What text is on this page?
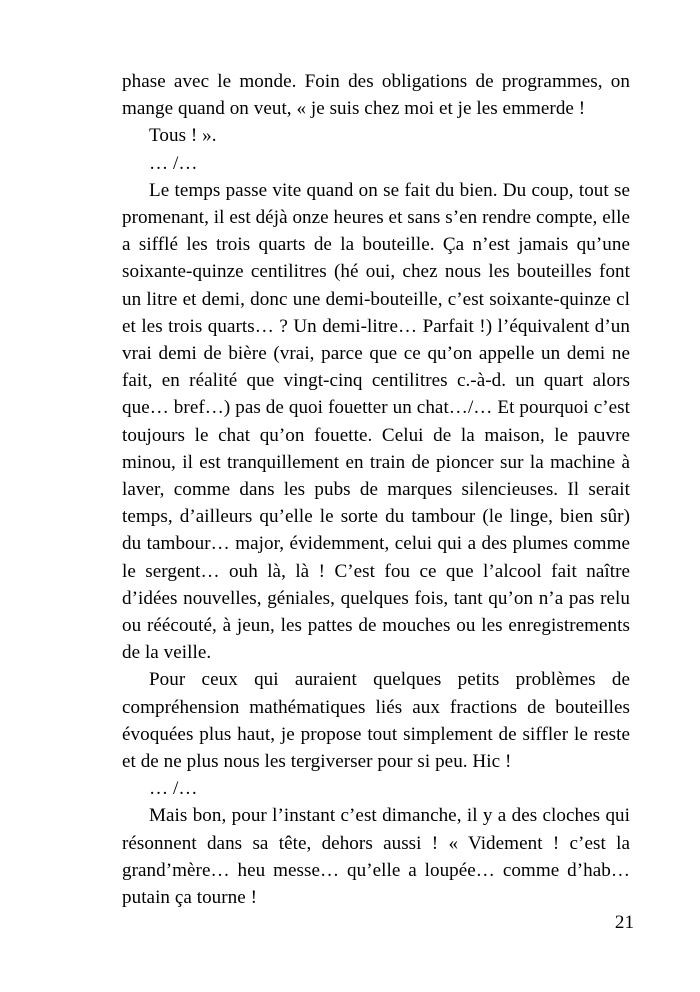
phase avec le monde. Foin des obligations de programmes, on mange quand on veut, « je suis chez moi et je les emmerde !

Tous ! ».

… /…

Le temps passe vite quand on se fait du bien. Du coup, tout se promenant, il est déjà onze heures et sans s’en rendre compte, elle a sifflé les trois quarts de la bouteille. Ça n’est jamais qu’une soixante-quinze centilitres (hé oui, chez nous les bouteilles font un litre et demi, donc une demi-bouteille, c’est soixante-quinze cl et les trois quarts… ? Un demi-litre… Parfait !) l’équivalent d’un vrai demi de bière (vrai, parce que ce qu’on appelle un demi ne fait, en réalité que vingt-cinq centilitres c.-à-d. un quart alors que… bref…) pas de quoi fouetter un chat…/… Et pourquoi c’est toujours le chat qu’on fouette. Celui de la maison, le pauvre minou, il est tranquillement en train de pioncer sur la machine à laver, comme dans les pubs de marques silencieuses. Il serait temps, d’ailleurs qu’elle le sorte du tambour (le linge, bien sûr) du tambour… major, évidemment, celui qui a des plumes comme le sergent… ouh là, là ! C’est fou ce que l’alcool fait naître d’idées nouvelles, géniales, quelques fois, tant qu’on n’a pas relu ou réécouté, à jeun, les pattes de mouches ou les enregistrements de la veille.

Pour ceux qui auraient quelques petits problèmes de compréhension mathématiques liés aux fractions de bouteilles évoquées plus haut, je propose tout simplement de siffler le reste et de ne plus nous les tergiverser pour si peu. Hic !

… /…

Mais bon, pour l’instant c’est dimanche, il y a des cloches qui résonnent dans sa tête, dehors aussi ! « Videment ! c’est la grand’mère… heu messe… qu’elle a loupée… comme d’hab… putain ça tourne !

21
